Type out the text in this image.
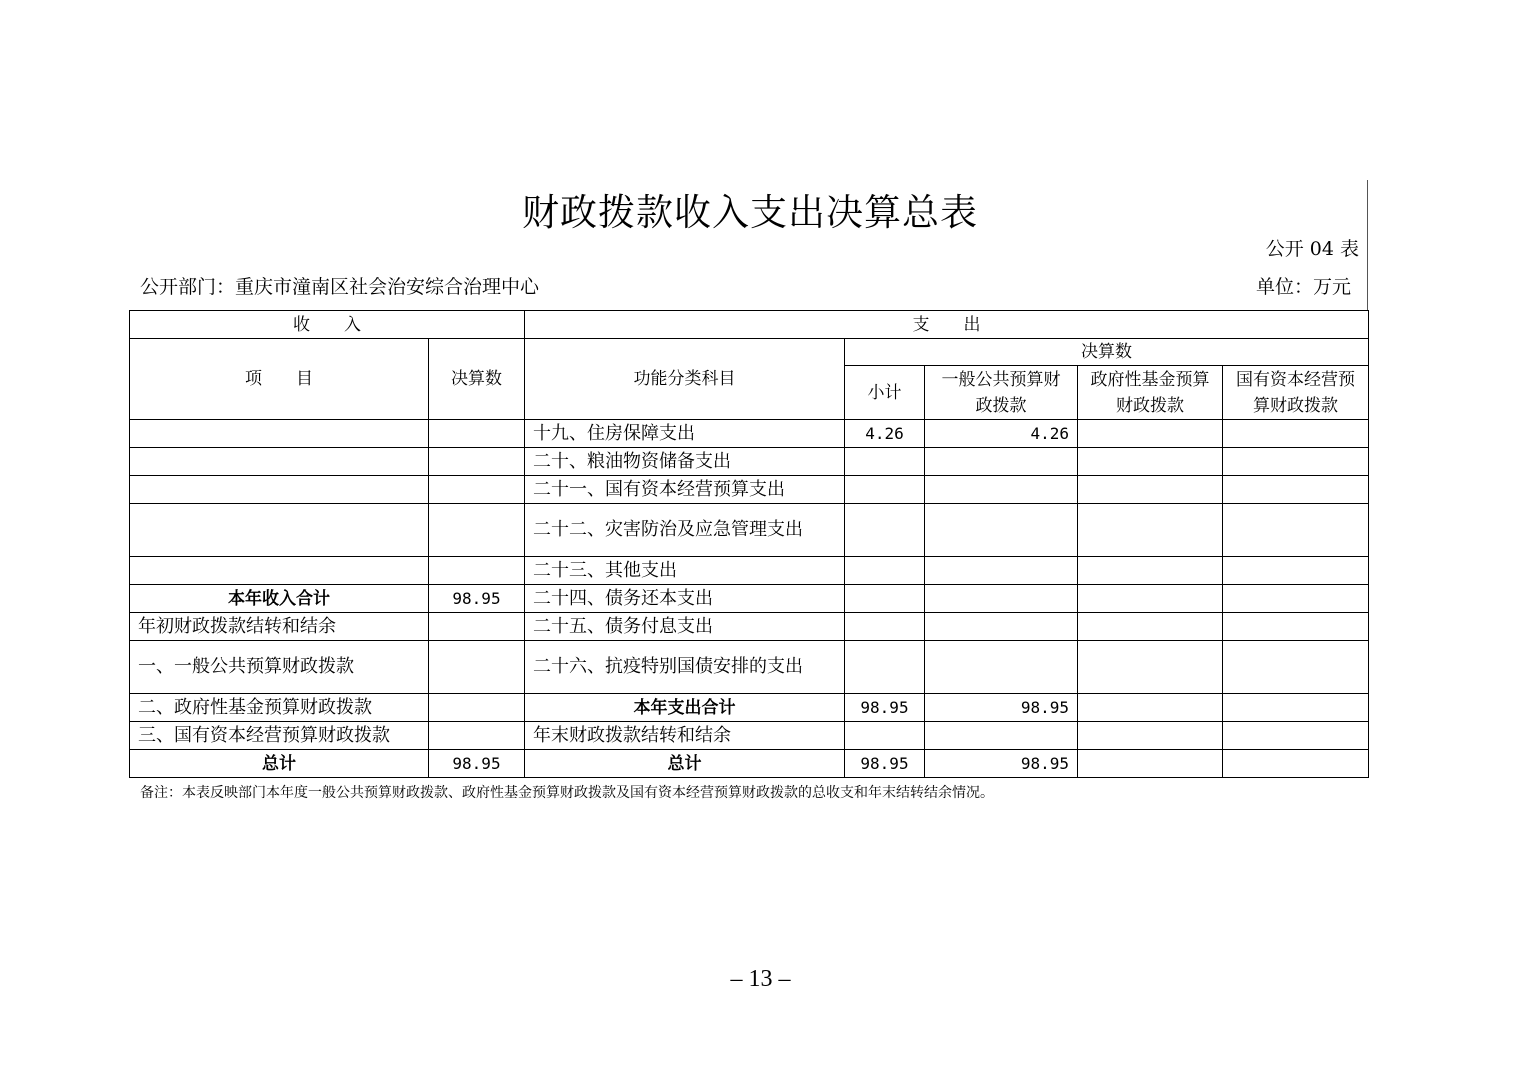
财政拨款收入支出决算总表
公开 04 表
公开部门：重庆市潼南区社会治安综合治理中心	单位：万元
收　　入		支　　出				
项　　目	决算数	功能分类科目	决算数			
			小计	一般公共预算财政拨款	政府性基金预算财政拨款	国有资本经营预算财政拨款
		十九、住房保障支出	4.26	4.26		
		二十、粮油物资储备支出				
		二十一、国有资本经营预算支出				
		二十二、灾害防治及应急管理支出				
		二十三、其他支出				
本年收入合计	98.95	二十四、债务还本支出				
年初财政拨款结转和结余		二十五、债务付息支出				
一、一般公共预算财政拨款		二十六、抗疫特别国债安排的支出				
二、政府性基金预算财政拨款		本年支出合计	98.95	98.95		
三、国有资本经营预算财政拨款		年末财政拨款结转和结余				
总计	98.95	总计	98.95	98.95		
备注：本表反映部门本年度一般公共预算财政拨款、政府性基金预算财政拨款及国有资本经营预算财政拨款的总收支和年末结转结余情况。
– 13 –
